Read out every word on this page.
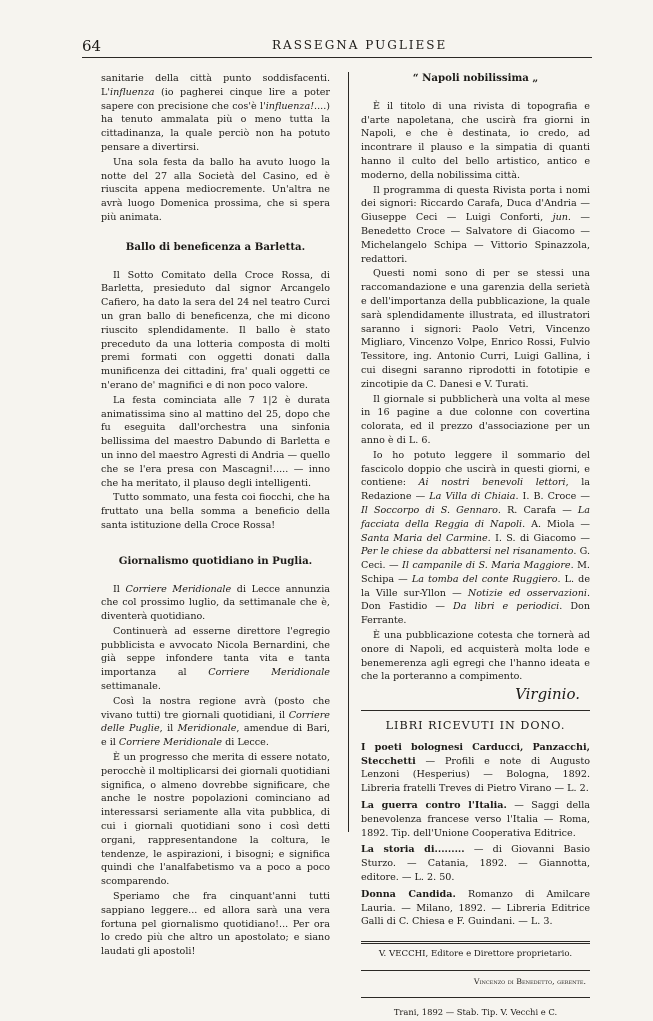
64	RASSEGNA PUGLIESE

sanitarie della città punto soddisfacenti. L'influenza (io pagherei cinque lire a poter sapere con precisione che cos'è l'influenza!....) ha tenuto ammalata più o meno tutta la cittadinanza, la quale perciò non ha potuto pensare a divertirsi.

Una sola festa da ballo ha avuto luogo la notte del 27 alla Società del Casino, ed è riuscita appena mediocremente. Un'altra ne avrà luogo Domenica prossima, che si spera più animata.

Ballo di beneficenza a Barletta.

Il Sotto Comitato della Croce Rossa, di Barletta, presieduto dal signor Arcangelo Cafiero, ha dato la sera del 24 nel teatro Curci un gran ballo di beneficenza, che mi dicono riuscito splendidamente. Il ballo è stato preceduto da una lotteria composta di molti premi formati con oggetti donati dalla munificenza dei cittadini, fra' quali oggetti ce n'erano de' magnifici e di non poco valore.

La festa cominciata alle 7 1|2 è durata animatissima sino al mattino del 25, dopo che fu eseguita dall'orchestra una sinfonia bellissima del maestro Dabundo di Barletta e un inno del maestro Agresti di Andria — quello che se l'era presa con Mascagni!..... — inno che ha meritato, il plauso degli intelligenti.

Tutto sommato, una festa coi fiocchi, che ha fruttato una bella somma a beneficio della santa istituzione della Croce Rossa!

Giornalismo quotidiano in Puglia.

Il Corriere Meridionale di Lecce annunzia che col prossimo luglio, da settimanale che è, diventerà quotidiano.

Continuerà ad esserne direttore l'egregio pubblicista e avvocato Nicola Bernardini, che già seppe infondere tanta vita e tanta importanza al Corriere Meridionale settimanale.

Così la nostra regione avrà (posto che vivano tutti) tre giornali quotidiani, il Corriere delle Puglie, il Meridionale, amendue di Bari, e il Corriere Meridionale di Lecce.

È un progresso che merita di essere notato, perocchè il moltiplicarsi dei giornali quotidiani significa, o almeno dovrebbe significare, che anche le nostre popolazioni cominciano ad interessarsi seriamente alla vita pubblica, di cui i giornali quotidiani sono i così detti organi, rappresentandone la coltura, le tendenze, le aspirazioni, i bisogni; e significa quindi che l'analfabetismo va a poco a poco scomparendo.

Speriamo che fra cinquant'anni tutti sappiano leggere... ed allora sarà una vera fortuna pel giornalismo quotidiano!... Per ora lo credo più che altro un apostolato; e siano laudati gli apostoli!

“ Napoli nobilissima „

È il titolo di una rivista di topografia e d'arte napoletana, che uscirà fra giorni in Napoli, e che è destinata, io credo, ad incontrare il plauso e la simpatia di quanti hanno il culto del bello artistico, antico e moderno, della nobilissima città.

Il programma di questa Rivista porta i nomi dei signori: Riccardo Carafa, Duca d'Andria — Giuseppe Ceci — Luigi Conforti, jun. — Benedetto Croce — Salvatore di Giacomo — Michelangelo Schipa — Vittorio Spinazzola, redattori.

Questi nomi sono di per se stessi una raccomandazione e una garenzia della serietà e dell'importanza della pubblicazione, la quale sarà splendidamente illustrata, ed illustratori saranno i signori: Paolo Vetri, Vincenzo Migliaro, Vincenzo Volpe, Enrico Rossi, Fulvio Tessitore, ing. Antonio Curri, Luigi Gallina, i cui disegni saranno riprodotti in fototipie e zincotipie da C. Danesi e V. Turati.

Il giornale si pubblicherà una volta al mese in 16 pagine a due colonne con covertina colorata, ed il prezzo d'associazione per un anno è di L. 6.

Io ho potuto leggere il sommario del fascicolo doppio che uscirà in questi giorni, e contiene: Ai nostri benevoli lettori, la Redazione — La Villa di Chiaia. I. B. Croce — Il Soccorpo di S. Gennaro. R. Carafa — La facciata della Reggia di Napoli. A. Miola — Santa Maria del Carmine. I. S. di Giacomo — Per le chiese da abbattersi nel risanamento. G. Ceci. — Il campanile di S. Maria Maggiore. M. Schipa — La tomba del conte Ruggiero. L. de la Ville sur-Yllon — Notizie ed osservazioni. Don Fastidio — Da libri e periodici. Don Ferrante.

È una pubblicazione cotesta che tornerà ad onore di Napoli, ed acquisterà molta lode e benemerenza agli egregi che l'hanno ideata e che la porteranno a compimento.

Virginio.
LIBRI RICEVUTI IN DONO.

I poeti bolognesi Carducci, Panzacchi, Stecchetti — Profili e note di Augusto Lenzoni (Hesperius) — Bologna, 1892. Libreria fratelli Treves di Pietro Virano — L. 2.

La guerra contro l'Italia. — Saggi della benevolenza francese verso l'Italia — Roma, 1892. Tip. dell'Unione Cooperativa Editrice.

La storia di......... — di Giovanni Basio Sturzo. — Catania, 1892. — Giannotta, editore. — L. 2. 50.

Donna Candida. Romanzo di Amilcare Lauria. — Milano, 1892. — Libreria Editrice Galli di C. Chiesa e F. Guindani. — L. 3.

V. VECCHI, Editore e Direttore proprietario.

Vincenzo di Benedetto, gerente.

Trani, 1892 — Stab. Tip. V. Vecchi e C.
